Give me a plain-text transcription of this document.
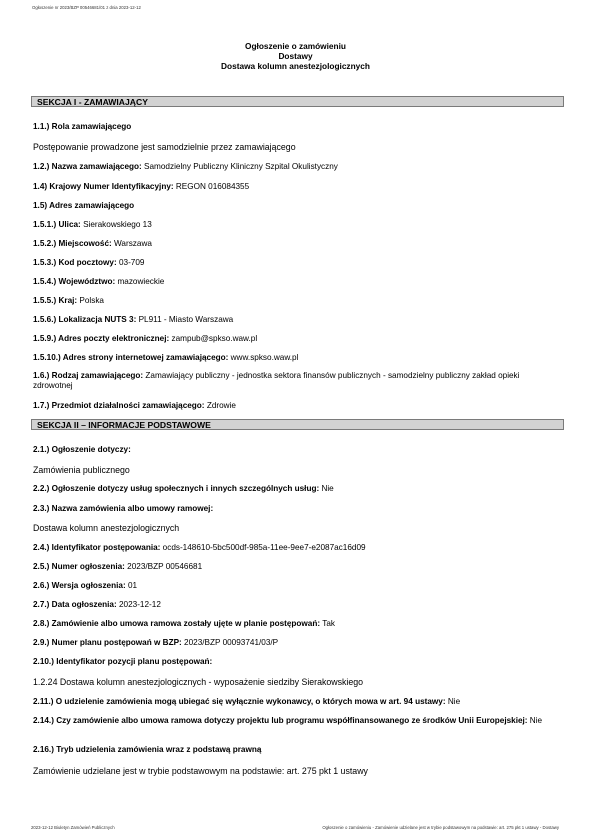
Ogłoszenie nr 2023/BZP 00546681/01 z dnia 2023-12-12
Ogłoszenie o zamówieniu
Dostawy
Dostawa kolumn anestezjologicznych
SEKCJA I - ZAMAWIAJĄCY
1.1.) Rola zamawiającego
Postępowanie prowadzone jest samodzielnie przez zamawiającego
1.2.) Nazwa zamawiającego: Samodzielny Publiczny Kliniczny Szpital Okulistyczny
1.4) Krajowy Numer Identyfikacyjny: REGON 016084355
1.5) Adres zamawiającego
1.5.1.) Ulica: Sierakowskiego 13
1.5.2.) Miejscowość: Warszawa
1.5.3.) Kod pocztowy: 03-709
1.5.4.) Województwo: mazowieckie
1.5.5.) Kraj: Polska
1.5.6.) Lokalizacja NUTS 3: PL911 - Miasto Warszawa
1.5.9.) Adres poczty elektronicznej: zampub@spkso.waw.pl
1.5.10.) Adres strony internetowej zamawiającego: www.spkso.waw.pl
1.6.) Rodzaj zamawiającego: Zamawiający publiczny - jednostka sektora finansów publicznych - samodzielny publiczny zakład opieki zdrowotnej
1.7.) Przedmiot działalności zamawiającego: Zdrowie
SEKCJA II – INFORMACJE PODSTAWOWE
2.1.) Ogłoszenie dotyczy:
Zamówienia publicznego
2.2.) Ogłoszenie dotyczy usług społecznych i innych szczególnych usług: Nie
2.3.) Nazwa zamówienia albo umowy ramowej:
Dostawa kolumn anestezjologicznych
2.4.) Identyfikator postępowania: ocds-148610-5bc500df-985a-11ee-9ee7-e2087ac16d09
2.5.) Numer ogłoszenia: 2023/BZP 00546681
2.6.) Wersja ogłoszenia: 01
2.7.) Data ogłoszenia: 2023-12-12
2.8.) Zamówienie albo umowa ramowa zostały ujęte w planie postępowań: Tak
2.9.) Numer planu postępowań w BZP: 2023/BZP 00093741/03/P
2.10.) Identyfikator pozycji planu postępowań:
1.2.24 Dostawa kolumn anestezjologicznych - wyposażenie siedziby Sierakowskiego
2.11.) O udzielenie zamówienia mogą ubiegać się wyłącznie wykonawcy, o których mowa w art. 94 ustawy: Nie
2.14.) Czy zamówienie albo umowa ramowa dotyczy projektu lub programu współfinansowanego ze środków Unii Europejskiej: Nie
2.16.) Tryb udzielenia zamówienia wraz z podstawą prawną
Zamówienie udzielane jest w trybie podstawowym na podstawie: art. 275 pkt 1 ustawy
2023-12-12 Biuletyn Zamówień Publicznych	Ogłoszenie o zamówieniu - Zamówienie udzielane jest w trybie podstawowym na podstawie: art. 275 pkt 1 ustawy - Dostawy
